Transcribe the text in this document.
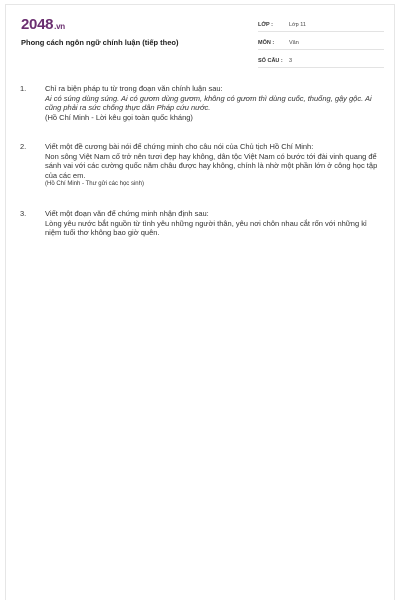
2048.vn
Phong cách ngôn ngữ chính luận (tiếp theo)
LỚP :	Lớp 11
MÔN :	Văn
SỐ CÂU :	3
1.	Chỉ ra biện pháp tu từ trong đoạn văn chính luận sau:

Ai có súng dùng súng. Ai có gươm dùng gươm, không có gươm thì dùng cuốc, thuổng, gậy gộc. Ai cũng phải ra sức chống thực dân Pháp cứu nước.

(Hồ Chí Minh - Lời kêu gọi toàn quốc kháng)

2.	Viết một đề cương bài nói để chứng minh cho câu nói của Chủ tịch Hồ Chí Minh:

Non sông Việt Nam cố trở nên tươi đẹp hay không, dân tộc Việt Nam có bước tới đài vinh quang để sánh vai với các cường quốc năm châu được hay không, chính là nhờ một phần lớn ở công học tập của các em.

(Hồ Chí Minh - Thư gửi các học sinh)

3.	Viết một đoạn văn để chứng minh nhận định sau:

Lòng yêu nước bắt nguồn từ tình yêu những người thân, yêu nơi chôn nhau cắt rốn với những kỉ niệm tuổi thơ không bao giờ quên.
